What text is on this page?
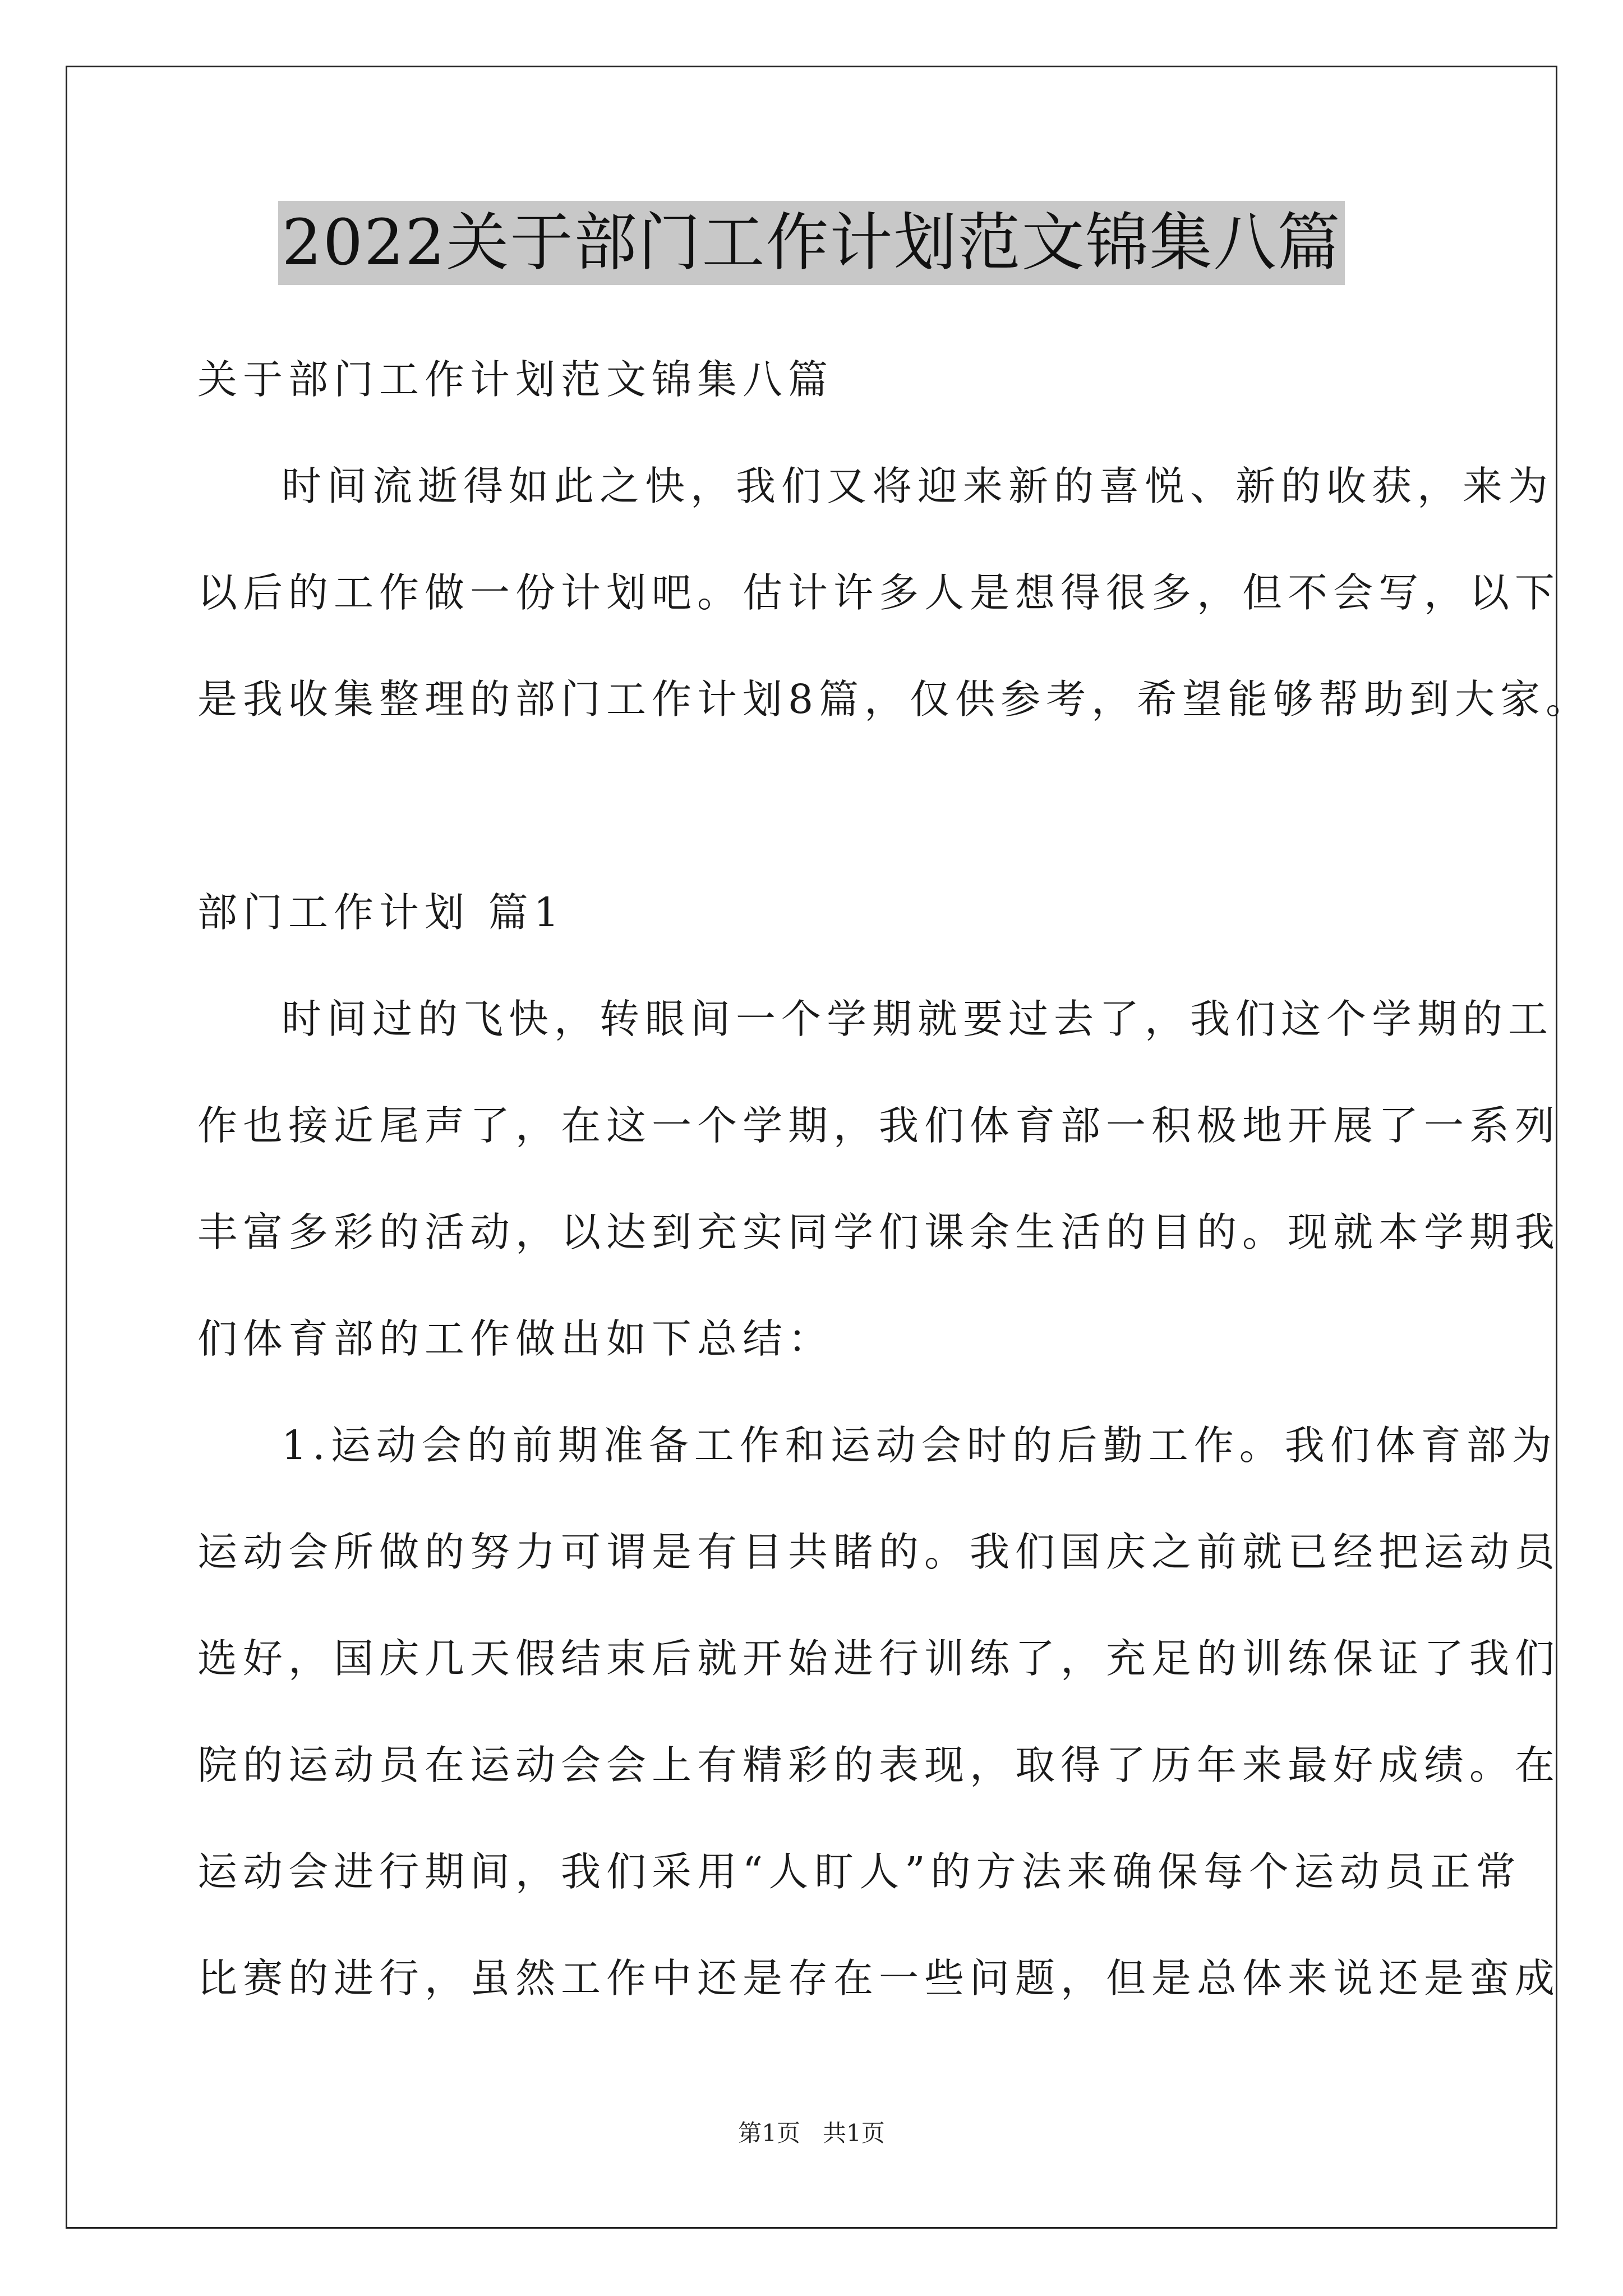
2022关于部门工作计划范文锦集八篇
关于部门工作计划范文锦集八篇
时间流逝得如此之快，我们又将迎来新的喜悦、新的收获，来为
以后的工作做一份计划吧。估计许多人是想得很多，但不会写，以下
是我收集整理的部门工作计划8篇，仅供参考，希望能够帮助到大家。
部门工作计划 篇1
时间过的飞快，转眼间一个学期就要过去了，我们这个学期的工
作也接近尾声了，在这一个学期，我们体育部一积极地开展了一系列
丰富多彩的活动，以达到充实同学们课余生活的目的。现就本学期我
们体育部的工作做出如下总结：
1.运动会的前期准备工作和运动会时的后勤工作。我们体育部为
运动会所做的努力可谓是有目共睹的。我们国庆之前就已经把运动员
选好，国庆几天假结束后就开始进行训练了，充足的训练保证了我们
院的运动员在运动会会上有精彩的表现，取得了历年来最好成绩。在
运动会进行期间，我们采用“人盯人”的方法来确保每个运动员正常
比赛的进行，虽然工作中还是存在一些问题，但是总体来说还是蛮成
第1页   共1页
